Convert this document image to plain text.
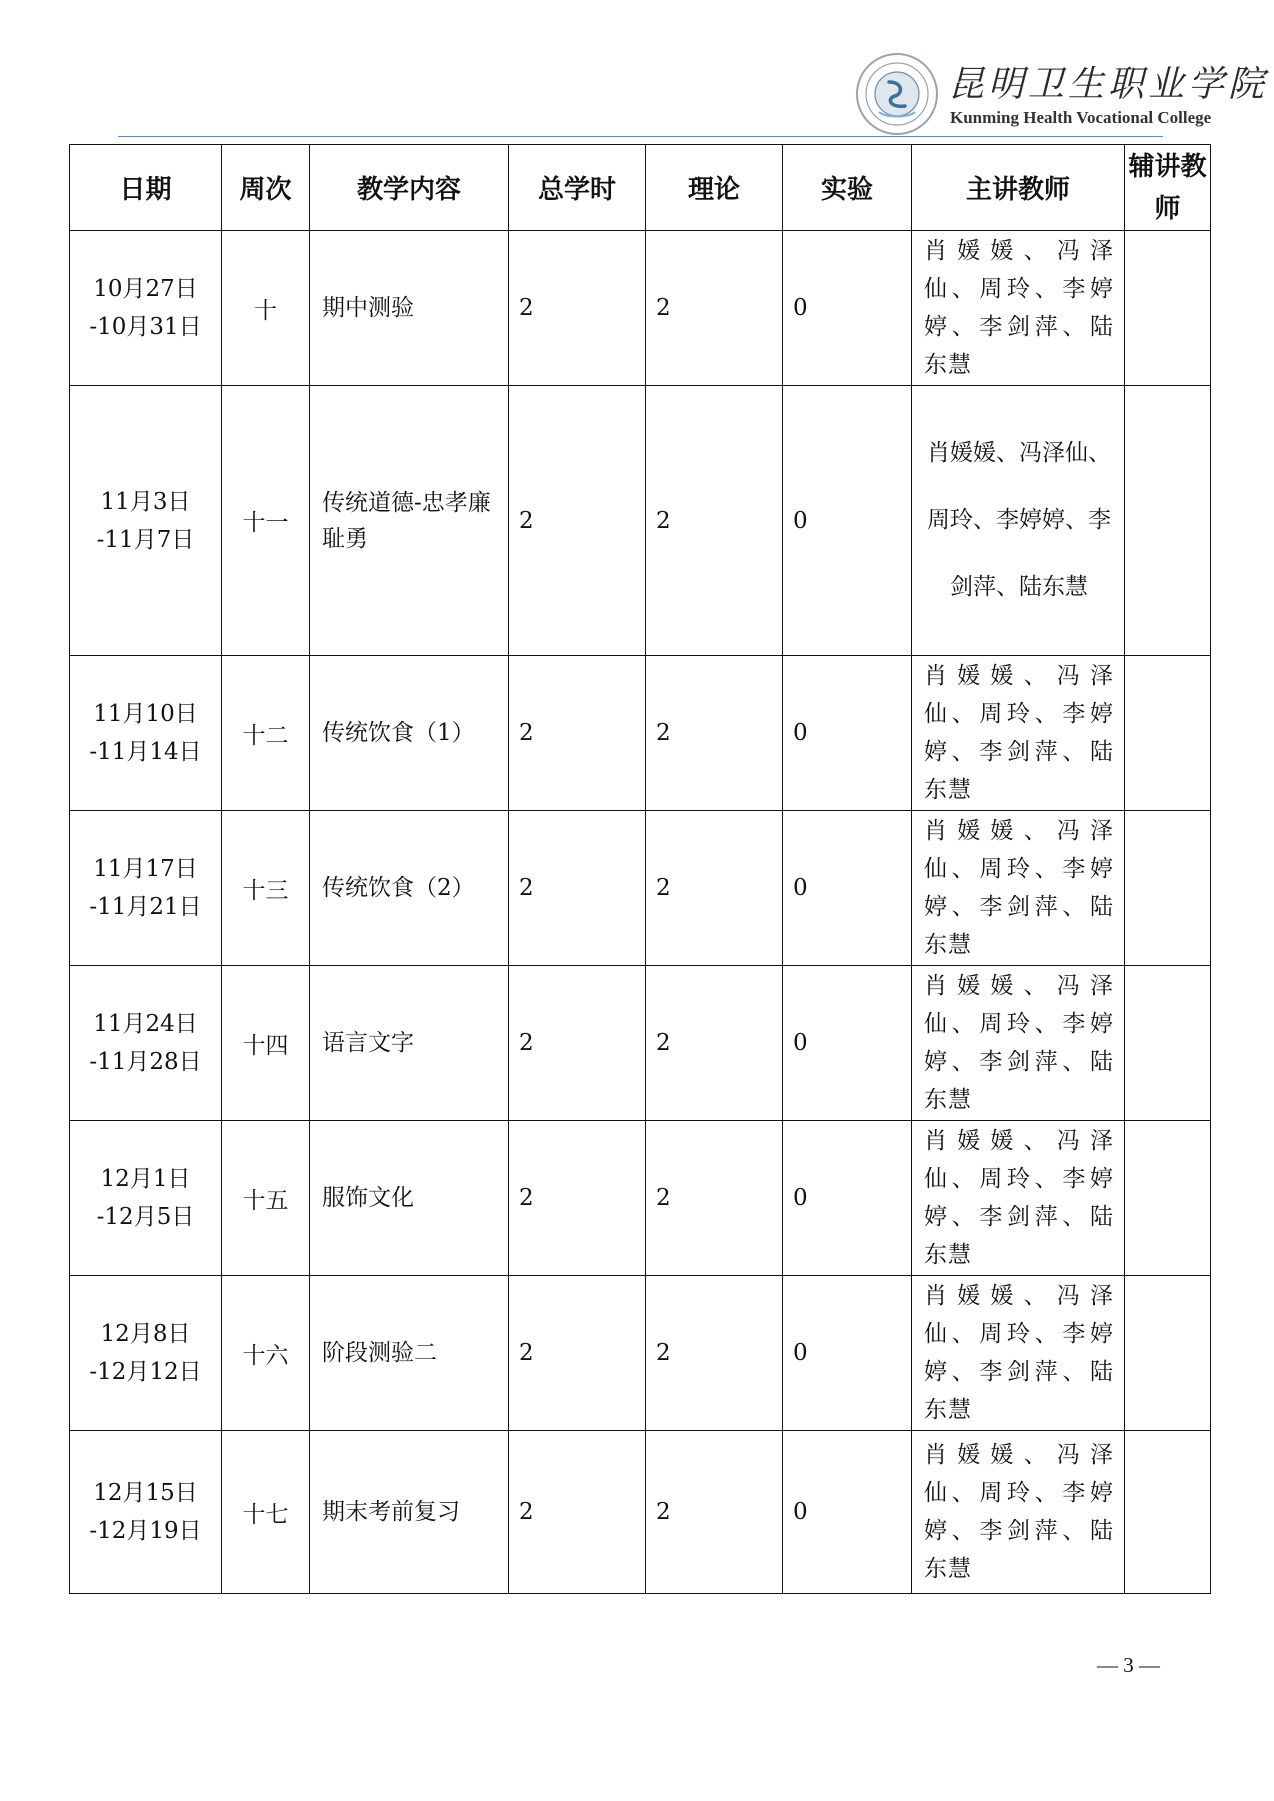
昆明卫生职业学院
Kunming Health Vocational College
日期	周次	教学内容	总学时	理论	实验	主讲教师	辅讲教师

10月27日
-10月31日	十	期中测验	2	2	0	肖媛媛、冯泽仙、周玲、李婷婷、李剑萍、陆东慧	

11月3日
-11月7日	十一	传统道德-忠孝廉耻勇	2	2	0	肖媛媛、冯泽仙、周玲、李婷婷、李剑萍、陆东慧	

11月10日
-11月14日	十二	传统饮食（1）	2	2	0	肖媛媛、冯泽仙、周玲、李婷婷、李剑萍、陆东慧	

11月17日
-11月21日	十三	传统饮食（2）	2	2	0	肖媛媛、冯泽仙、周玲、李婷婷、李剑萍、陆东慧	

11月24日
-11月28日	十四	语言文字	2	2	0	肖媛媛、冯泽仙、周玲、李婷婷、李剑萍、陆东慧	

12月1日
-12月5日	十五	服饰文化	2	2	0	肖媛媛、冯泽仙、周玲、李婷婷、李剑萍、陆东慧	

12月8日
-12月12日	十六	阶段测验二	2	2	0	肖媛媛、冯泽仙、周玲、李婷婷、李剑萍、陆东慧	

12月15日
-12月19日	十七	期末考前复习	2	2	0	肖媛媛、冯泽仙、周玲、李婷婷、李剑萍、陆东慧	
— 3 —
